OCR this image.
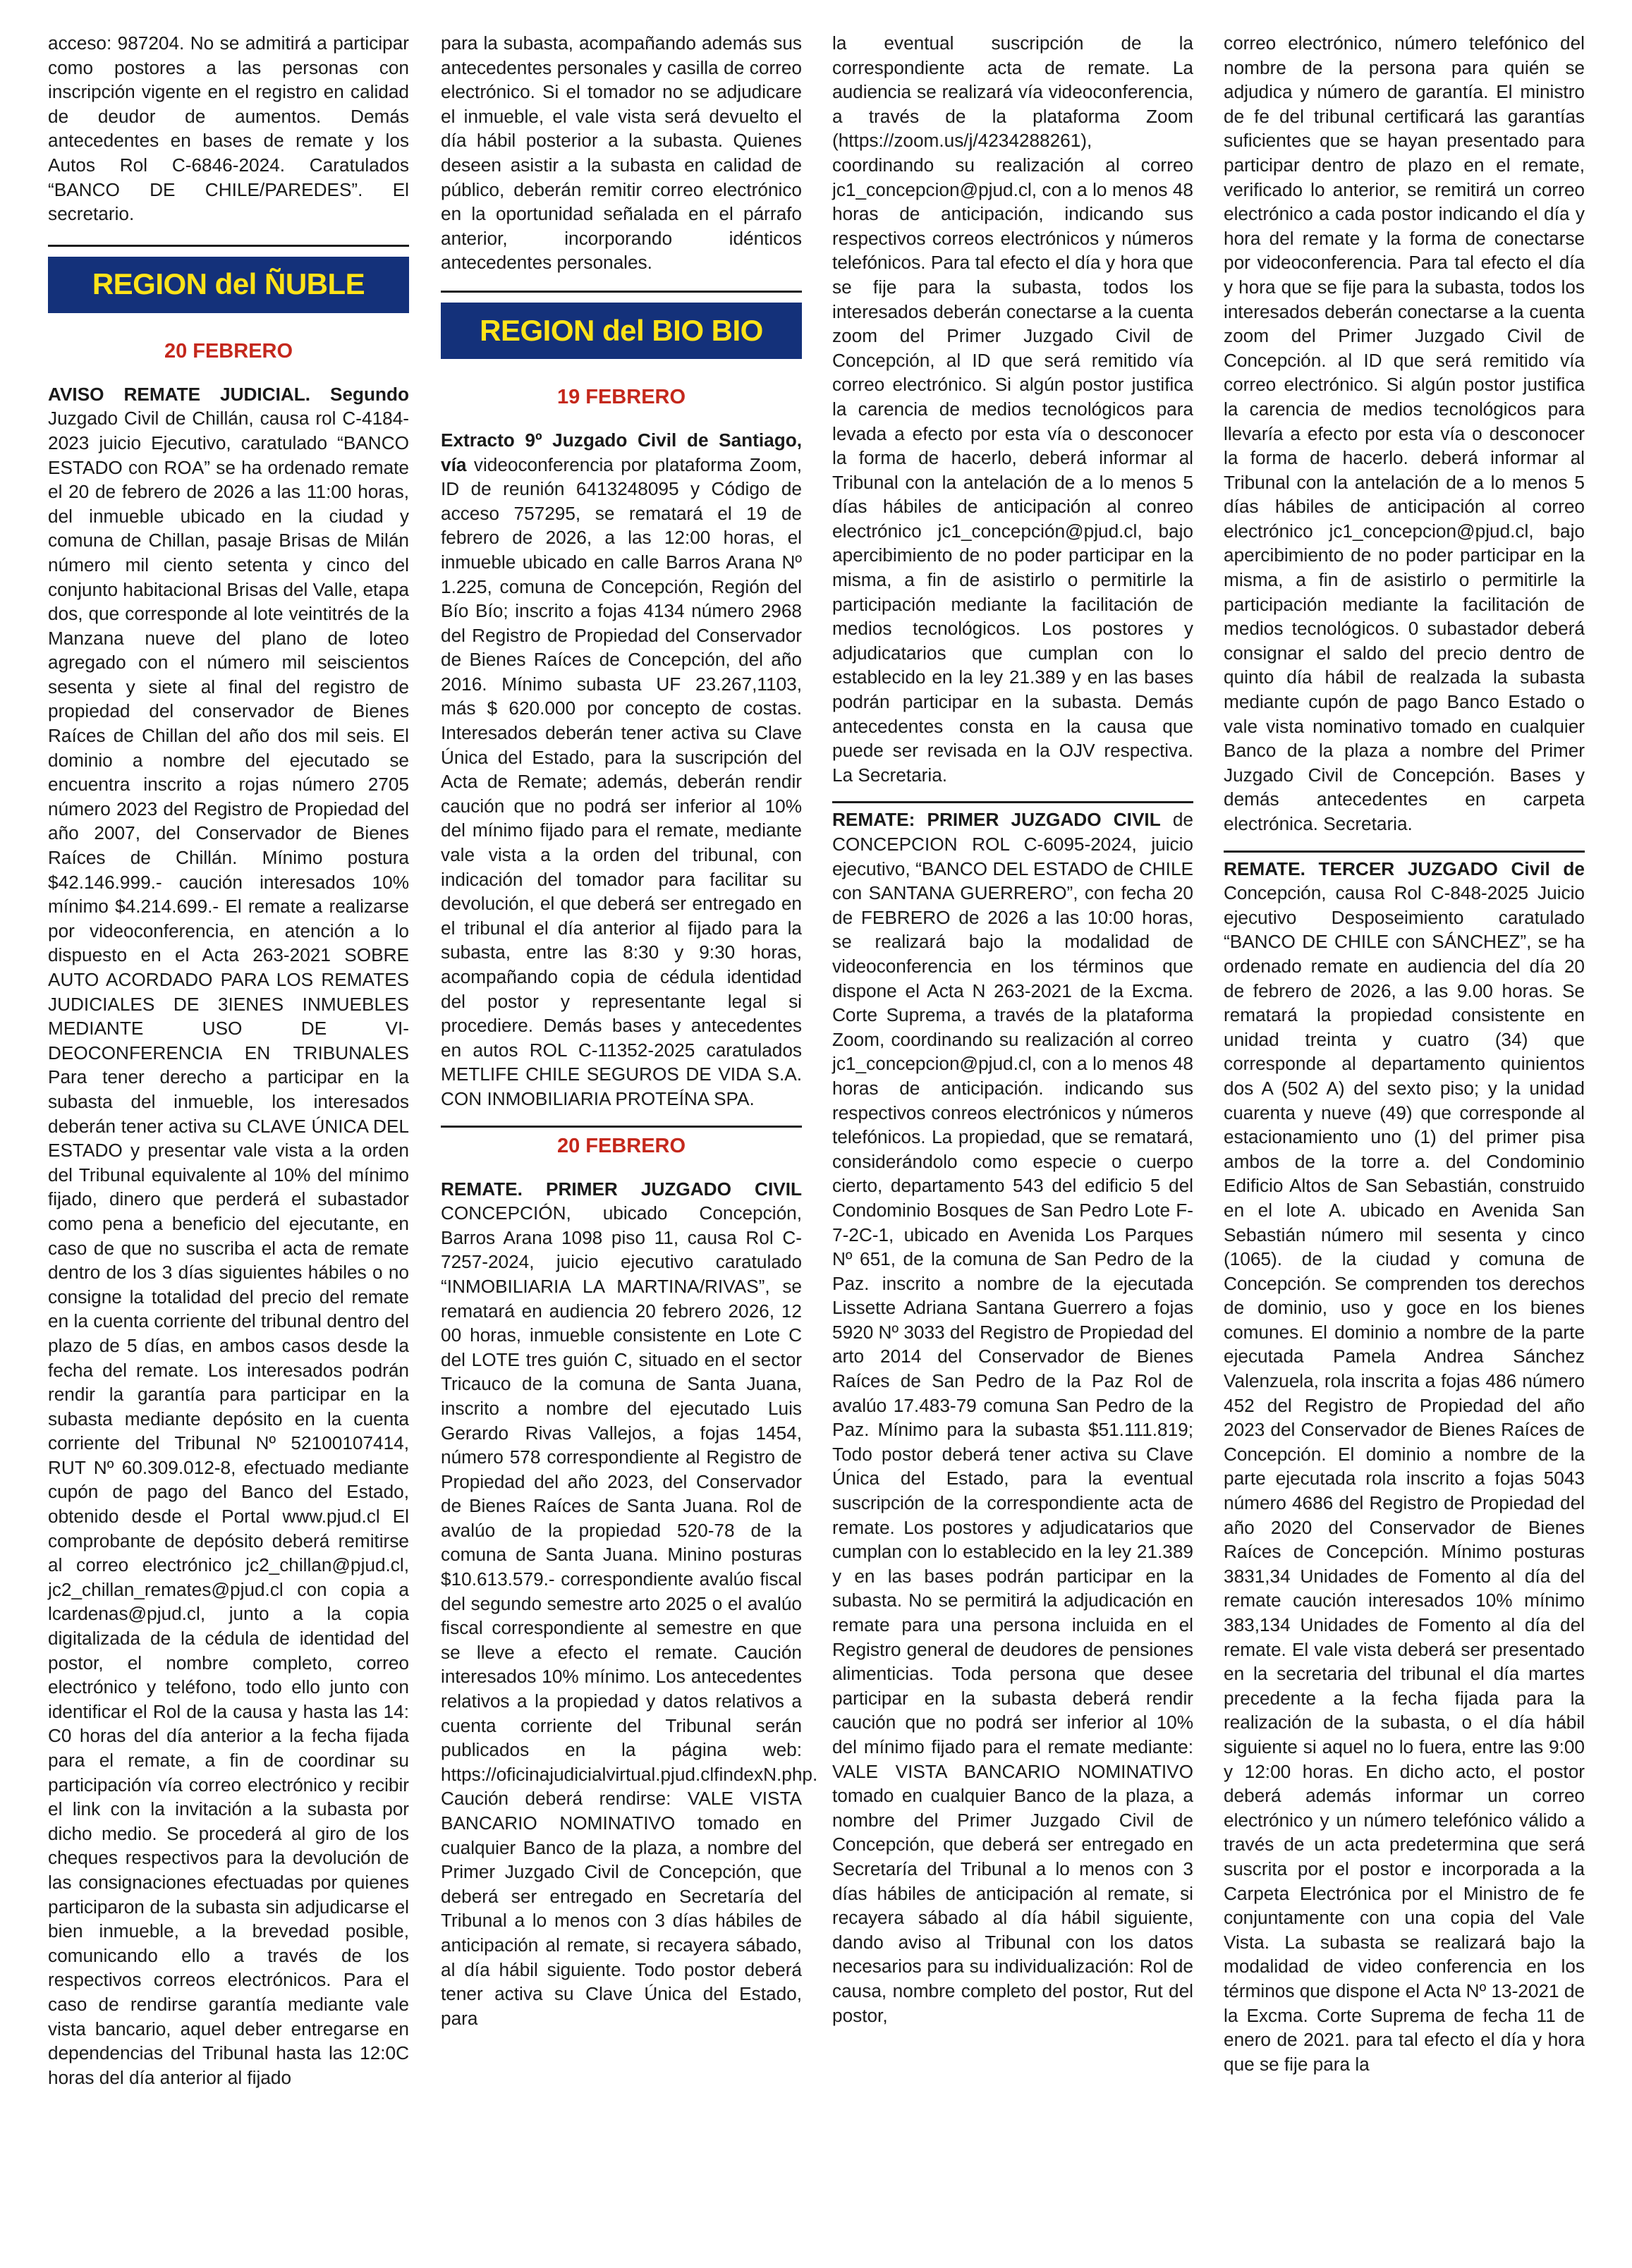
acceso: 987204. No se admitirá a participar como postores a las personas con inscripción vigente en el registro en calidad de deudor de aumentos. Demás antecedentes en bases de remate y los Autos Rol C-6846-2024. Caratulados “BANCO DE CHILE/PAREDES”. El secretario.

REGION del ÑUBLE
20 FEBRERO

AVISO REMATE JUDICIAL. Segundo Juzgado Civil de Chillán, causa rol C-4184-2023 juicio Ejecutivo, caratulado “BANCO ESTADO con ROA” se ha ordenado remate el 20 de febrero de 2026 a las 11:00 horas, del inmueble ubicado en la ciudad y comuna de Chillan, pasaje Brisas de Milán número mil ciento setenta y cinco del conjunto habitacional Brisas del Valle, etapa dos, que corresponde al lote veintitrés de la Manzana nueve del plano de loteo agregado con el número mil seiscientos sesenta y siete al final del registro de propiedad del conservador de Bienes Raíces de Chillan del año dos mil seis. El dominio a nombre del ejecutado se encuentra inscrito a rojas número 2705 número 2023 del Registro de Propiedad del año 2007, del Conservador de Bienes Raíces de Chillán. Mínimo postura $42.146.999.- caución interesados 10% mínimo $4.214.699.- El remate a realizarse por videoconferencia, en atención a lo dispuesto en el Acta 263-2021 SOBRE AUTO ACORDADO PARA LOS REMATES JUDICIALES DE 3IENES INMUEBLES MEDIANTE USO DE VI-DEOCONFERENCIA EN TRIBUNALES Para tener derecho a participar en la subasta del inmueble, los interesados deberán tener activa su CLAVE ÚNICA DEL ESTADO y presentar vale vista a la orden del Tribunal equivalente al 10% del mínimo fijado, dinero que perderá el subastador como pena a beneficio del ejecutante, en caso de que no suscriba el acta de remate dentro de los 3 días siguientes hábiles o no consigne la totalidad del precio del remate en la cuenta corriente del tribunal dentro del plazo de 5 días, en ambos casos desde la fecha del remate. Los interesados podrán rendir la garantía para participar en la subasta mediante depósito en la cuenta corriente del Tribunal Nº 52100107414, RUT Nº 60.309.012-8, efectuado mediante cupón de pago del Banco del Estado, obtenido desde el Portal www.pjud.cl El comprobante de depósito deberá remitirse al correo electrónico jc2_chillan@pjud.cl, jc2_chillan_remates@pjud.cl con copia a lcardenas@pjud.cl, junto a la copia digitalizada de la cédula de identidad del postor, el nombre completo, correo electrónico y teléfono, todo ello junto con identificar el Rol de la causa y hasta las 14: C0 horas del día anterior a la fecha fijada para el remate, a fin de coordinar su participación vía correo electrónico y recibir el link con la invitación a la subasta por dicho medio. Se procederá al giro de los cheques respectivos para la devolución de las consignaciones efectuadas por quienes participaron de la subasta sin adjudicarse el bien inmueble, a la brevedad posible, comunicando ello a través de los respectivos correos electrónicos. Para el caso de rendirse garantía mediante vale vista bancario, aquel deber entregarse en dependencias del Tribunal hasta las 12:0C horas del día anterior al fijado

para la subasta, acompañando además sus antecedentes personales y casilla de correo electrónico. Si el tomador no se adjudicare el inmueble, el vale vista será devuelto el día hábil posterior a la subasta. Quienes deseen asistir a la subasta en calidad de público, deberán remitir correo electrónico en la oportunidad señalada en el párrafo anterior, incorporando idénticos antecedentes personales.

REGION del BIO BIO
19 FEBRERO

Extracto 9º Juzgado Civil de Santiago, vía videoconferencia por plataforma Zoom, ID de reunión 6413248095 y Código de acceso 757295, se rematará el 19 de febrero de 2026, a las 12:00 horas, el inmueble ubicado en calle Barros Arana Nº 1.225, comuna de Concepción, Región del Bío Bío; inscrito a fojas 4134 número 2968 del Registro de Propiedad del Conservador de Bienes Raíces de Concepción, del año 2016. Mínimo subasta UF 23.267,1103, más $ 620.000 por concepto de costas. Interesados deberán tener activa su Clave Única del Estado, para la suscripción del Acta de Remate; además, deberán rendir caución que no podrá ser inferior al 10% del mínimo fijado para el remate, mediante vale vista a la orden del tribunal, con indicación del tomador para facilitar su devolución, el que deberá ser entregado en el tribunal el día anterior al fijado para la subasta, entre las 8:30 y 9:30 horas, acompañando copia de cédula identidad del postor y representante legal si procediere. Demás bases y antecedentes en autos ROL C-11352-2025 caratulados METLIFE CHILE SEGUROS DE VIDA S.A. CON INMOBILIARIA PROTEÍNA SPA.

20 FEBRERO

REMATE. PRIMER JUZGADO CIVIL CONCEPCIÓN, ubicado Concepción, Barros Arana 1098 piso 11, causa Rol C-7257-2024, juicio ejecutivo caratulado “INMOBILIARIA LA MARTINA/RIVAS”, se rematará en audiencia 20 febrero 2026, 12 00 horas, inmueble consistente en Lote C del LOTE tres guión C, situado en el sector Tricauco de la comuna de Santa Juana, inscrito a nombre del ejecutado Luis Gerardo Rivas Vallejos, a fojas 1454, número 578 correspondiente al Registro de Propiedad del año 2023, del Conservador de Bienes Raíces de Santa Juana. Rol de avalúo de la propiedad 520-78 de la comuna de Santa Juana. Minino posturas $10.613.579.- correspondiente avalúo fiscal del segundo semestre arto 2025 o el avalúo fiscal correspondiente al semestre en que se lleve a efecto el remate. Caución interesados 10% mínimo. Los antecedentes relativos a la propiedad y datos relativos a cuenta corriente del Tribunal serán publicados en la página web: https://oficinajudicialvirtual.pjud.clfindexN.php. Caución deberá rendirse: VALE VISTA BANCARIO NOMINATIVO tomado en cualquier Banco de la plaza, a nombre del Primer Juzgado Civil de Concepción, que deberá ser entregado en Secretaría del Tribunal a lo menos con 3 días hábiles de anticipación al remate, si recayera sábado, al día hábil siguiente. Todo postor deberá tener activa su Clave Única del Estado, para

la eventual suscripción de la correspondiente acta de remate. La audiencia se realizará vía videoconferencia, a través de la plataforma Zoom (https://zoom.us/j/4234288261), coordinando su realización al correo jc1_concepcion@pjud.cl, con a lo menos 48 horas de anticipación, indicando sus respectivos correos electrónicos y números telefónicos. Para tal efecto el día y hora que se fije para la subasta, todos los interesados deberán conectarse a la cuenta zoom del Primer Juzgado Civil de Concepción, al ID que será remitido vía correo electrónico. Si algún postor justifica la carencia de medios tecnológicos para levada a efecto por esta vía o desconocer la forma de hacerlo, deberá informar al Tribunal con la antelación de a lo menos 5 días hábiles de anticipación al conreo electrónico jc1_concepción@pjud.cl, bajo apercibimiento de no poder participar en la misma, a fin de asistirlo o permitirle la participación mediante la facilitación de medios tecnológicos. Los postores y adjudicatarios que cumplan con lo establecido en la ley 21.389 y en las bases podrán participar en la subasta. Demás antecedentes consta en la causa que puede ser revisada en la OJV respectiva. La Secretaria.

REMATE: PRIMER JUZGADO CIVIL de CONCEPCION ROL C-6095-2024, juicio ejecutivo, “BANCO DEL ESTADO de CHILE con SANTANA GUERRERO”, con fecha 20 de FEBRERO de 2026 a las 10:00 horas, se realizará bajo la modalidad de videoconferencia en los términos que dispone el Acta N 263-2021 de la Excma. Corte Suprema, a través de la plataforma Zoom, coordinando su realización al correo jc1_concepcion@pjud.cl, con a lo menos 48 horas de anticipación. indicando sus respectivos conreos electrónicos y números telefónicos. La propiedad, que se rematará, considerándolo como especie o cuerpo cierto, departamento 543 del edificio 5 del Condominio Bosques de San Pedro Lote F-7-2C-1, ubicado en Avenida Los Parques Nº 651, de la comuna de San Pedro de la Paz. inscrito a nombre de la ejecutada Lissette Adriana Santana Guerrero a fojas 5920 Nº 3033 del Registro de Propiedad del arto 2014 del Conservador de Bienes Raíces de San Pedro de la Paz Rol de avalúo 17.483-79 comuna San Pedro de la Paz. Mínimo para la subasta $51.111.819; Todo postor deberá tener activa su Clave Única del Estado, para la eventual suscripción de la correspondiente acta de remate. Los postores y adjudicatarios que cumplan con lo establecido en la ley 21.389 y en las bases podrán participar en la subasta. No se permitirá la adjudicación en remate para una persona incluida en el Registro general de deudores de pensiones alimenticias. Toda persona que desee participar en la subasta deberá rendir caución que no podrá ser inferior al 10% del mínimo fijado para el remate mediante: VALE VISTA BANCARIO NOMINATIVO tomado en cualquier Banco de la plaza, a nombre del Primer Juzgado Civil de Concepción, que deberá ser entregado en Secretaría del Tribunal a lo menos con 3 días hábiles de anticipación al remate, si recayera sábado al día hábil siguiente, dando aviso al Tribunal con los datos necesarios para su individualización: Rol de causa, nombre completo del postor, Rut del postor,

correo electrónico, número telefónico del nombre de la persona para quién se adjudica y número de garantía. El ministro de fe del tribunal certificará las garantías suficientes que se hayan presentado para participar dentro de plazo en el remate, verificado lo anterior, se remitirá un correo electrónico a cada postor indicando el día y hora del remate y la forma de conectarse por videoconferencia. Para tal efecto el día y hora que se fije para la subasta, todos los interesados deberán conectarse a la cuenta zoom del Primer Juzgado Civil de Concepción. al ID que será remitido vía correo electrónico. Si algún postor justifica la carencia de medios tecnológicos para llevaría a efecto por esta vía o desconocer la forma de hacerlo. deberá informar al Tribunal con la antelación de a lo menos 5 días hábiles de anticipación al correo electrónico jc1_concepcion@pjud.cl, bajo apercibimiento de no poder participar en la misma, a fin de asistirlo o permitirle la participación mediante la facilitación de medios tecnológicos. 0 subastador deberá consignar el saldo del precio dentro de quinto día hábil de realzada la subasta mediante cupón de pago Banco Estado o vale vista nominativo tomado en cualquier Banco de la plaza a nombre del Primer Juzgado Civil de Concepción. Bases y demás antecedentes en carpeta electrónica. Secretaria.

REMATE. TERCER JUZGADO Civil de Concepción, causa Rol C-848-2025 Juicio ejecutivo Desposeimiento caratulado “BANCO DE CHILE con SÁNCHEZ”, se ha ordenado remate en audiencia del día 20 de febrero de 2026, a las 9.00 horas. Se rematará la propiedad consistente en unidad treinta y cuatro (34) que corresponde al departamento quinientos dos A (502 A) del sexto piso; y la unidad cuarenta y nueve (49) que corresponde al estacionamiento uno (1) del primer pisa ambos de la torre a. del Condominio Edificio Altos de San Sebastián, construido en el lote A. ubicado en Avenida San Sebastián número mil sesenta y cinco (1065). de la ciudad y comuna de Concepción. Se comprenden tos derechos de dominio, uso y goce en los bienes comunes. El dominio a nombre de la parte ejecutada Pamela Andrea Sánchez Valenzuela, rola inscrita a fojas 486 número 452 del Registro de Propiedad del año 2023 del Conservador de Bienes Raíces de Concepción. El dominio a nombre de la parte ejecutada rola inscrito a fojas 5043 número 4686 del Registro de Propiedad del año 2020 del Conservador de Bienes Raíces de Concepción. Mínimo posturas 3831,34 Unidades de Fomento al día del remate caución interesados 10% mínimo 383,134 Unidades de Fomento al día del remate. El vale vista deberá ser presentado en la secretaria del tribunal el día martes precedente a la fecha fijada para la realización de la subasta, o el día hábil siguiente si aquel no lo fuera, entre las 9:00 y 12:00 horas. En dicho acto, el postor deberá además informar un correo electrónico y un número telefónico válido a través de un acta predetermina que será suscrita por el postor e incorporada a la Carpeta Electrónica por el Ministro de fe conjuntamente con una copia del Vale Vista. La subasta se realizará bajo la modalidad de video conferencia en los términos que dispone el Acta Nº 13-2021 de la Excma. Corte Suprema de fecha 11 de enero de 2021. para tal efecto el día y hora que se fije para la
